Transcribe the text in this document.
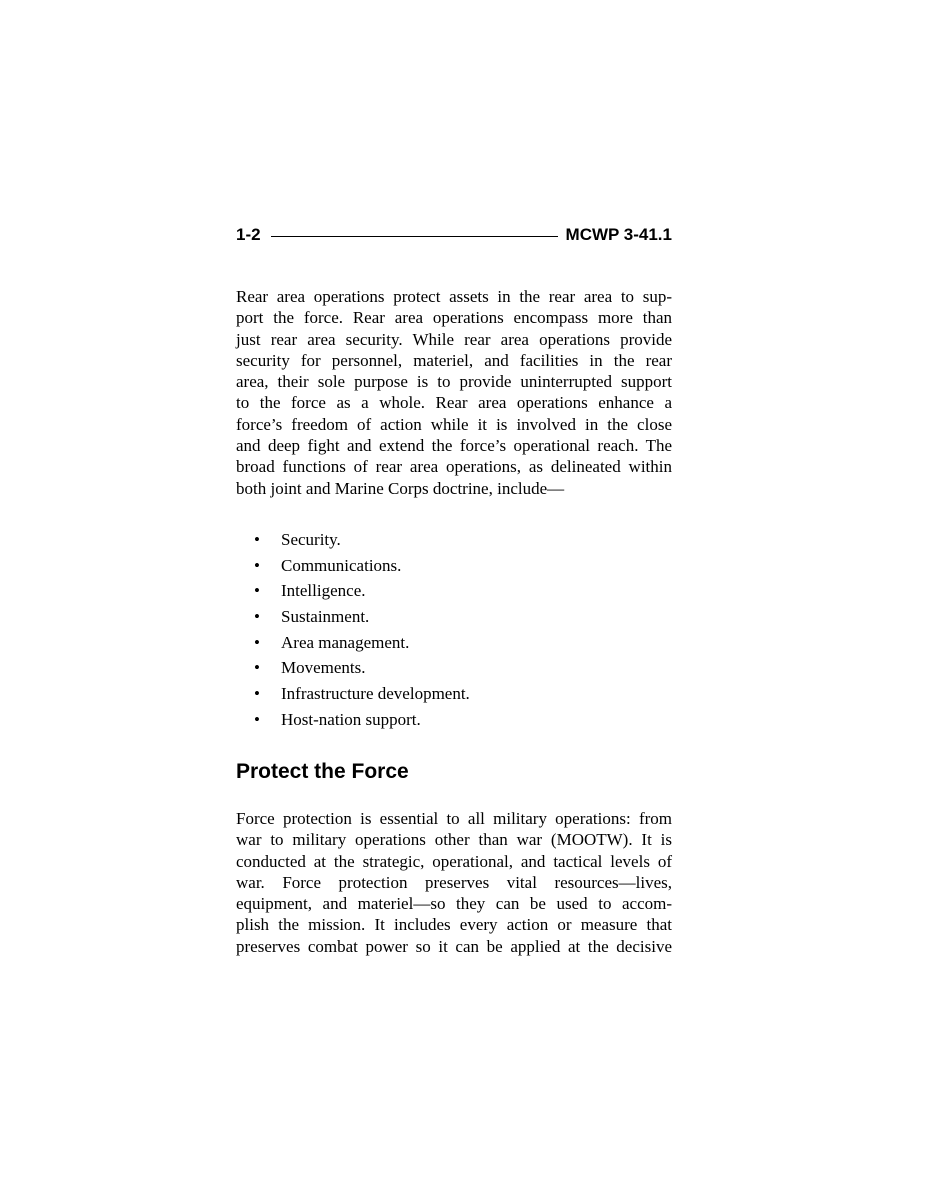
1-2	MCWP 3-41.1

Rear area operations protect assets in the rear area to sup-
port the force. Rear area operations encompass more than
just rear area security. While rear area operations provide
security for personnel, materiel, and facilities in the rear
area, their sole purpose is to provide uninterrupted support
to the force as a whole. Rear area operations enhance a
force’s freedom of action while it is involved in the close
and deep fight and extend the force’s operational reach. The
broad functions of rear area operations, as delineated within
both joint and Marine Corps doctrine, include—

• Security.
• Communications.
• Intelligence.
• Sustainment.
• Area management.
• Movements.
• Infrastructure development.
• Host-nation support.
Protect the Force

Force protection is essential to all military operations: from
war to military operations other than war (MOOTW). It is
conducted at the strategic, operational, and tactical levels of
war. Force protection preserves vital resources—lives,
equipment, and materiel—so they can be used to accom-
plish the mission. It includes every action or measure that
preserves combat power so it can be applied at the decisive
